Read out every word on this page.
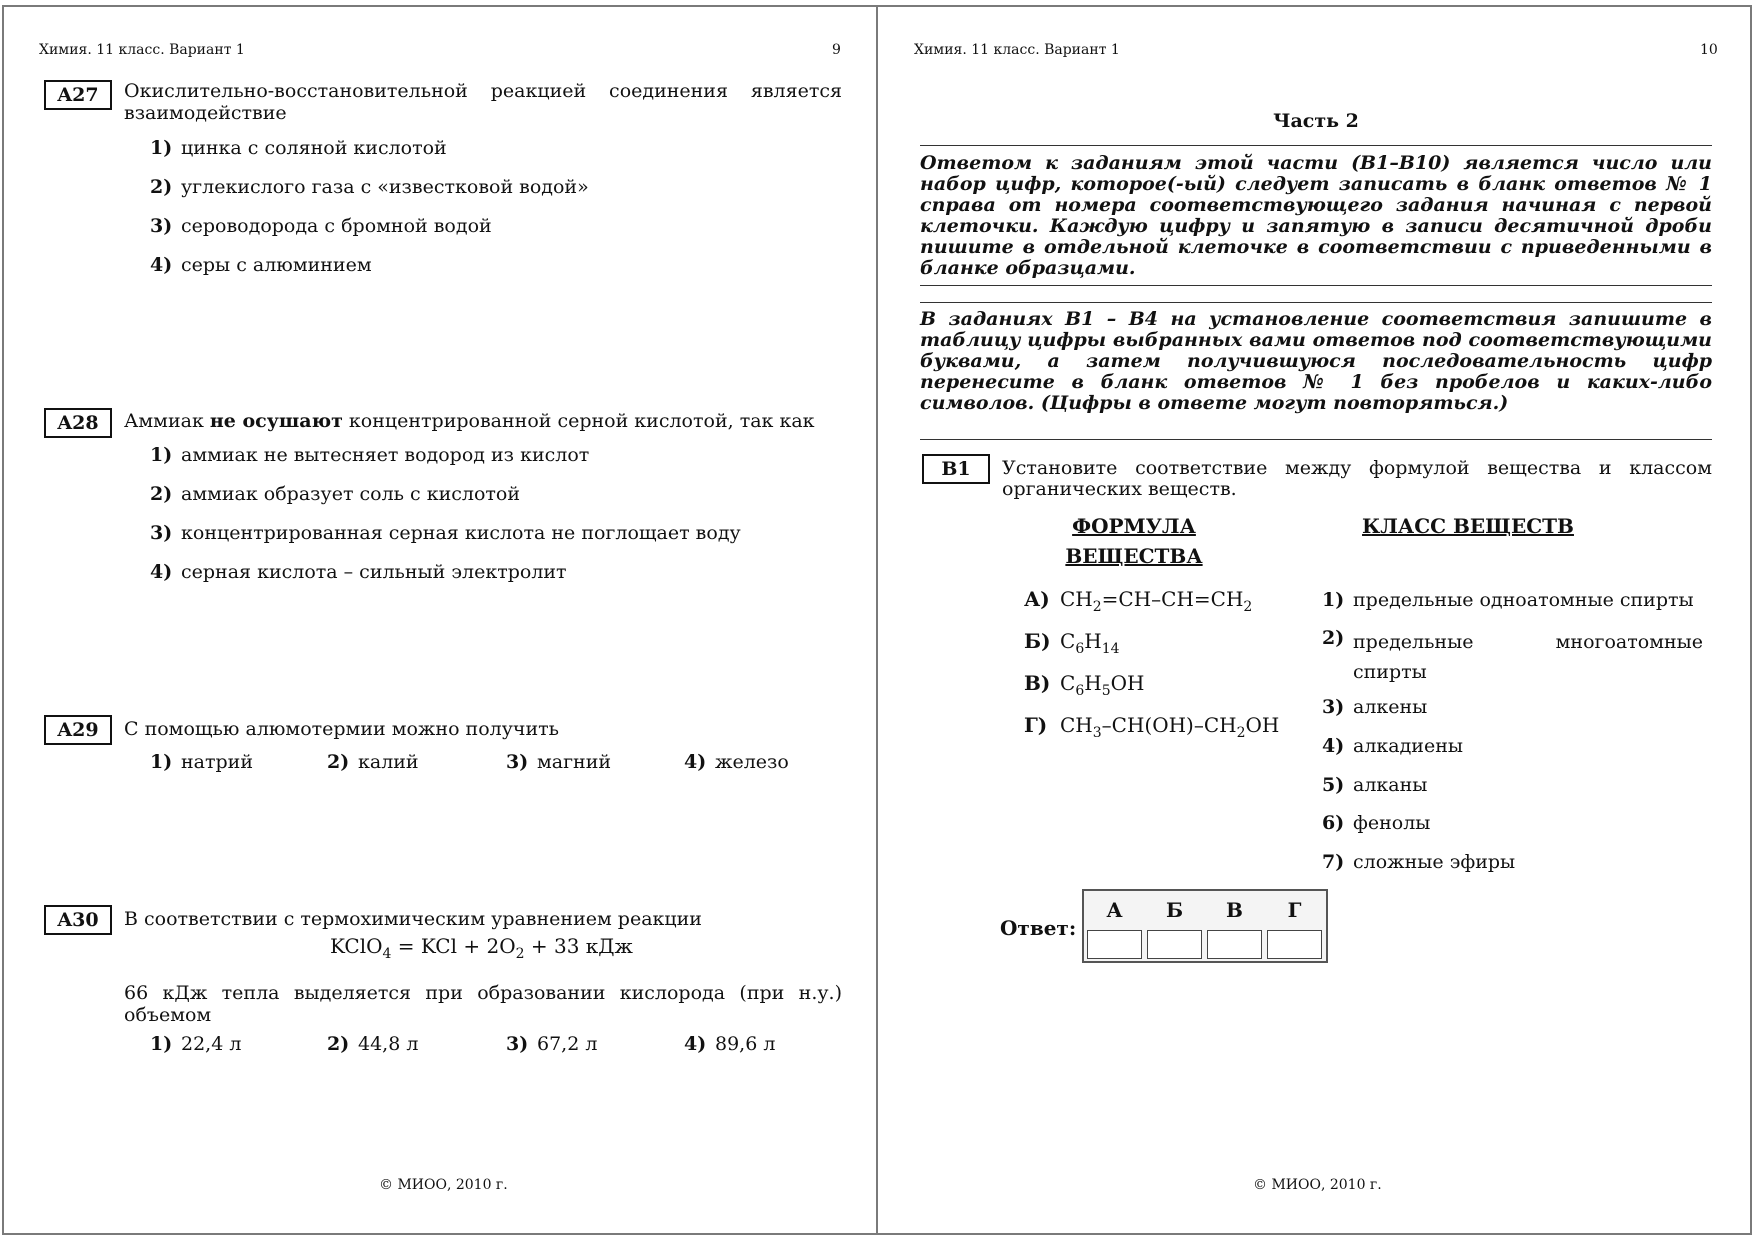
Химия. 11 класс. Вариант 1	9
A27	Окислительно-восстановительной реакцией соединения является взаимодействие
1) цинка с соляной кислотой
2) углекислого газа с «известковой водой»
3) сероводорода с бромной водой
4) серы с алюминием
A28	Аммиак не осушают концентрированной серной кислотой, так как
1) аммиак не вытесняет водород из кислот
2) аммиак образует соль с кислотой
3) концентрированная серная кислота не поглощает воду
4) серная кислота – сильный электролит
A29	С помощью алюмотермии можно получить
1) натрий	2) калий	3) магний	4) железо
A30	В соответствии с термохимическим уравнением реакции
KClO$_4$ = KCl + $2O_2 + 33$ кДж
66 кДж тепла выделяется при образовании кислорода (при н.у.) объемом
1) 22,4 л	2) 44,8 л	3) 67,2 л	4) 89,6 л
© МИОО, 2010 г.
Химия. 11 класс. Вариант 1	10
Часть 2
Ответом к заданиям этой части (В1–В10) является число или набор цифр, которое(-ый) следует записать в бланк ответов № 1 справа от номера соответствующего задания начиная с первой клеточки. Каждую цифру и запятую в записи десятичной дроби пишите в отдельной клеточке в соответствии с приведенными в бланке образцами.
В заданиях В1 – В4 на установление соответствия запишите в таблицу цифры выбранных вами ответов под соответствующими буквами, а затем получившуюся последовательность цифр перенесите в бланк ответов № 1 без пробелов и каких-либо символов. (Цифры в ответе могут повторяться.)
B1	Установите соответствие между формулой вещества и классом органических веществ.
ФОРМУЛА
ВЕЩЕСТВА
КЛАСС ВЕЩЕСТВ
А) $CH_2=CH-CH=CH_2$
Б) $C_6H_{14}$
В) $C_6H_5OH$
Г) $CH_3-CH(OH)-CH_2OH$
1) предельные одноатомные спирты
2) предельные многоатомные спирты
3) алкены
4) алкадиены
5) алканы
6) фенолы
7) сложные эфиры
Ответ:
А	Б	В	Г
© МИОО, 2010 г.
